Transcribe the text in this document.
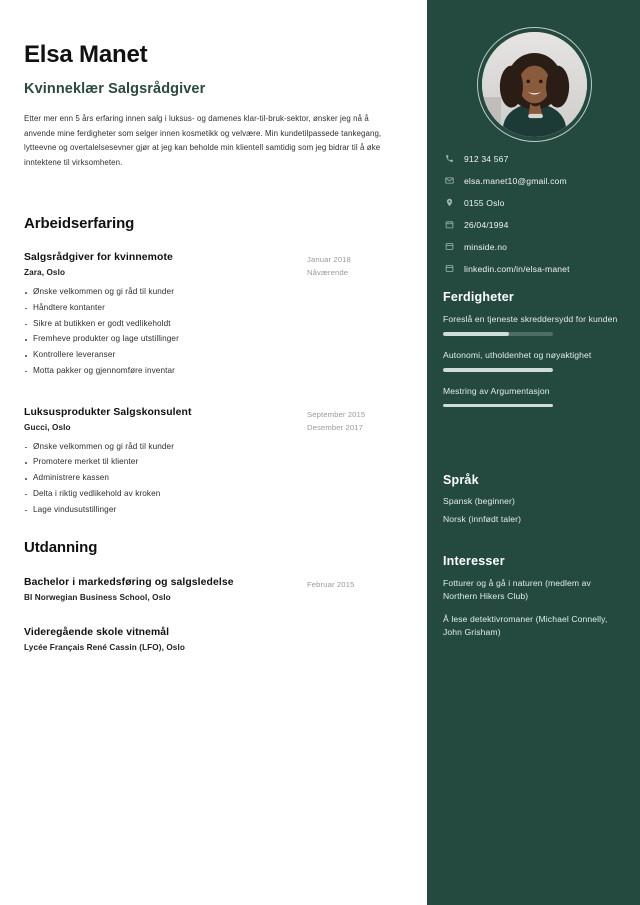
Elsa Manet
Kvinneklær Salgsrådgiver
Etter mer enn 5 års erfaring innen salg i luksus- og damenes klar-til-bruk-sektor, ønsker jeg nå å anvende mine ferdigheter som selger innen kosmetikk og velvære. Min kundetilpassede tankegang, lytteevne og overtalelsesevner gjør at jeg kan beholde min klientell samtidig som jeg bidrar til å øke inntektene til virksomheten.
Arbeidserfaring
Januar 2018
Nåværende

Salgsrådgiver for kvinnemote

Zara, Oslo

Ønske velkommen og gi råd til kunder
Håndtere kontanter
Sikre at butikken er godt vedlikeholdt
Fremheve produkter og lage utstillinger
Kontrollere leveranser
Motta pakker og gjennomføre inventar
September 2015
Desember 2017

Luksusprodukter Salgskonsulent

Gucci, Oslo

Ønske velkommen og gi råd til kunder
Promotere merket til klienter
Administrere kassen
Delta i riktig vedlikehold av kroken
Lage vindusutstillinger
Utdanning
Februar 2015

Bachelor i markedsføring og salgsledelse

BI Norwegian Business School, Oslo

Videregående skole vitnemål

Lycée Français René Cassin (LFO), Oslo

912 34 567
elsa.manet10@gmail.com
0155 Oslo
26/04/1994
minside.no
linkedin.com/in/elsa-manet
Ferdigheter
Foreslå en tjeneste skreddersydd for kunden
Autonomi, utholdenhet og nøyaktighet
Mestring av Argumentasjon
Språk
Spansk (beginner)
Norsk (innfødt taler)
Interesser
Fotturer og å gå i naturen (medlem av Northern Hikers Club)
Å lese detektivromaner (Michael Connelly, John Grisham)
